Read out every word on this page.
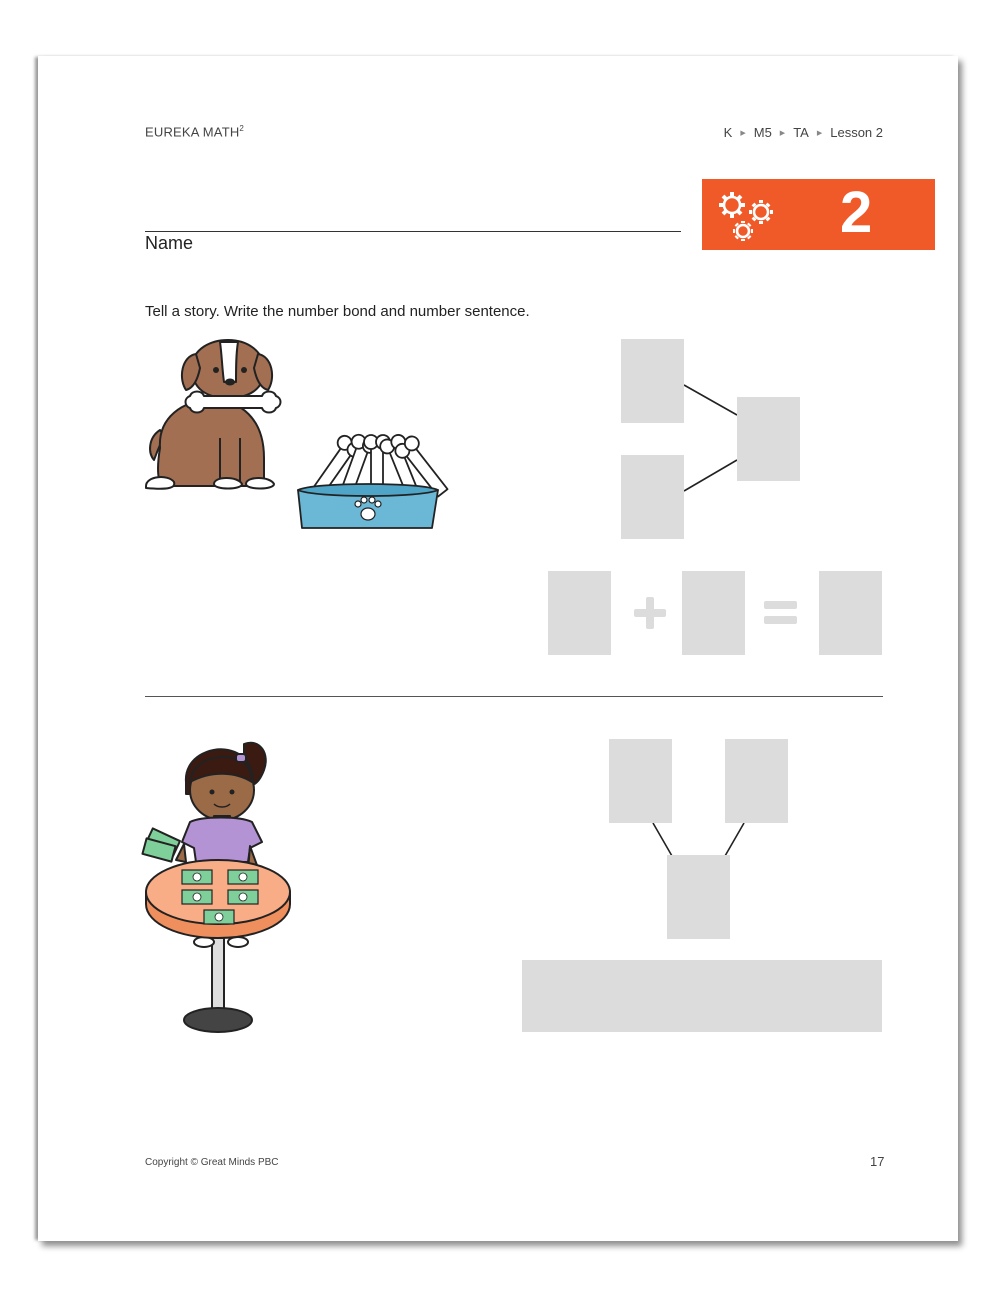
EUREKA MATH$^2$	K ▶ M5 ▶ TA ▶ Lesson 2
2
Name
Tell a story. Write the number bond and number sentence.
Copyright © Great Minds PBC	17
